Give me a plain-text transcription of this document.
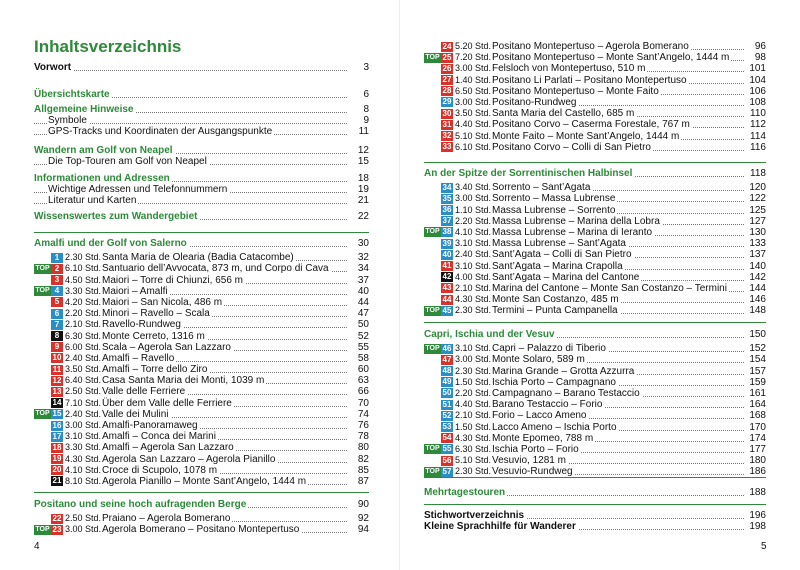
Inhaltsverzeichnis
Vorwort	3
Übersichtskarte	6
Allgemeine Hinweise	8
Symbole	9
GPS-Tracks und Koordinaten der Ausgangspunkte	11
Wandern am Golf von Neapel	12
Die Top-Touren am Golf von Neapel	15
Informationen und Adressen	18
Wichtige Adressen und Telefonnummern	19
Literatur und Karten	21
Wissenswertes zum Wandergebiet	22
Amalfi und der Golf von Salerno	30
1 2.30 Std. Santa Maria de Olearia (Badia Catacombe)	32
TOP 2 6.10 Std. Santuario dell’Avvocata, 873 m, und Corpo di Cava	34
3 4.50 Std. Maiori – Torre di Chiunzi, 656 m	37
TOP 4 3.30 Std. Maiori – Amalfi	40
5 4.20 Std. Maiori – San Nicola, 486 m	44
6 2.20 Std. Minori – Ravello – Scala	47
7 2.10 Std. Ravello-Rundweg	50
8 6.30 Std. Monte Cerreto, 1316 m	52
9 6.00 Std. Scala – Agerola San Lazzaro	55
10 2.40 Std. Amalfi – Ravello	58
11 3.50 Std. Amalfi – Torre dello Ziro	60
12 6.40 Std. Casa Santa Maria dei Monti, 1039 m	63
13 2.50 Std. Valle delle Ferriere	66
14 7.10 Std. Über dem Valle delle Ferriere	70
TOP 15 2.40 Std. Valle dei Mulini	74
16 3.00 Std. Amalfi-Panoramaweg	76
17 3.10 Std. Amalfi – Conca dei Marini	78
18 3.30 Std. Amalfi – Agerola San Lazzaro	80
19 4.30 Std. Agerola San Lazzaro – Agerola Pianillo	82
20 4.10 Std. Croce di Scupolo, 1078 m	85
21 8.10 Std. Agerola Pianillo – Monte Sant’Angelo, 1444 m	87
Positano und seine hoch aufragenden Berge	90
22 2.50 Std. Praiano – Agerola Bomerano	92
TOP 23 3.00 Std. Agerola Bomerano – Positano Montepertuso	94
4
24 5.20 Std. Positano Montepertuso – Agerola Bomerano	96
TOP 25 7.20 Std. Positano Montepertuso – Monte Sant’Angelo, 1444 m	98
26 3.00 Std. Felsloch von Montepertuso, 510 m	101
27 1.40 Std. Positano Li Parlati – Positano Montepertuso	104
28 6.50 Std. Positano Montepertuso – Monte Faito	106
29 3.00 Std. Positano-Rundweg	108
30 3.50 Std. Santa Maria del Castello, 685 m	110
31 4.40 Std. Positano Corvo – Caserma Forestale, 767 m	112
32 5.10 Std. Monte Faito – Monte Sant’Angelo, 1444 m	114
33 6.10 Std. Positano Corvo – Colli di San Pietro	116
An der Spitze der Sorrentinischen Halbinsel	118
34 3.40 Std. Sorrento – Sant’Agata	120
35 3.00 Std. Sorrento – Massa Lubrense	122
36 1.10 Std. Massa Lubrense – Sorrento	125
37 2.20 Std. Massa Lubrense – Marina della Lobra	127
TOP 38 4.10 Std. Massa Lubrense – Marina di Ieranto	130
39 3.10 Std. Massa Lubrense – Sant’Agata	133
40 2.40 Std. Sant’Agata – Colli di San Pietro	137
41 3.10 Std. Sant’Agata – Marina Crapolla	140
42 4.00 Std. Sant’Agata – Marina del Cantone	142
43 2.10 Std. Marina del Cantone – Monte San Costanzo – Termini	144
44 4.30 Std. Monte San Costanzo, 485 m	146
TOP 45 2.30 Std. Termini – Punta Campanella	148
Capri, Ischia und der Vesuv	150
TOP 46 3.10 Std. Capri – Palazzo di Tiberio	152
47 3.00 Std. Monte Solaro, 589 m	154
48 2.30 Std. Marina Grande – Grotta Azzurra	157
49 1.50 Std. Ischia Porto – Campagnano	159
50 2.20 Std. Campagnano – Barano Testaccio	161
51 4.40 Std. Barano Testaccio – Forio	164
52 2.10 Std. Forio – Lacco Ameno	168
53 1.50 Std. Lacco Ameno – Ischia Porto	170
54 4.30 Std. Monte Epomeo, 788 m	174
TOP 55 6.30 Std. Ischia Porto – Forio	177
56 5.10 Std. Vesuvio, 1281 m	180
TOP 57 2.30 Std. Vesuvio-Rundweg	186
Mehrtagestouren	188
Stichwortverzeichnis	196
Kleine Sprachhilfe für Wanderer	198
5
